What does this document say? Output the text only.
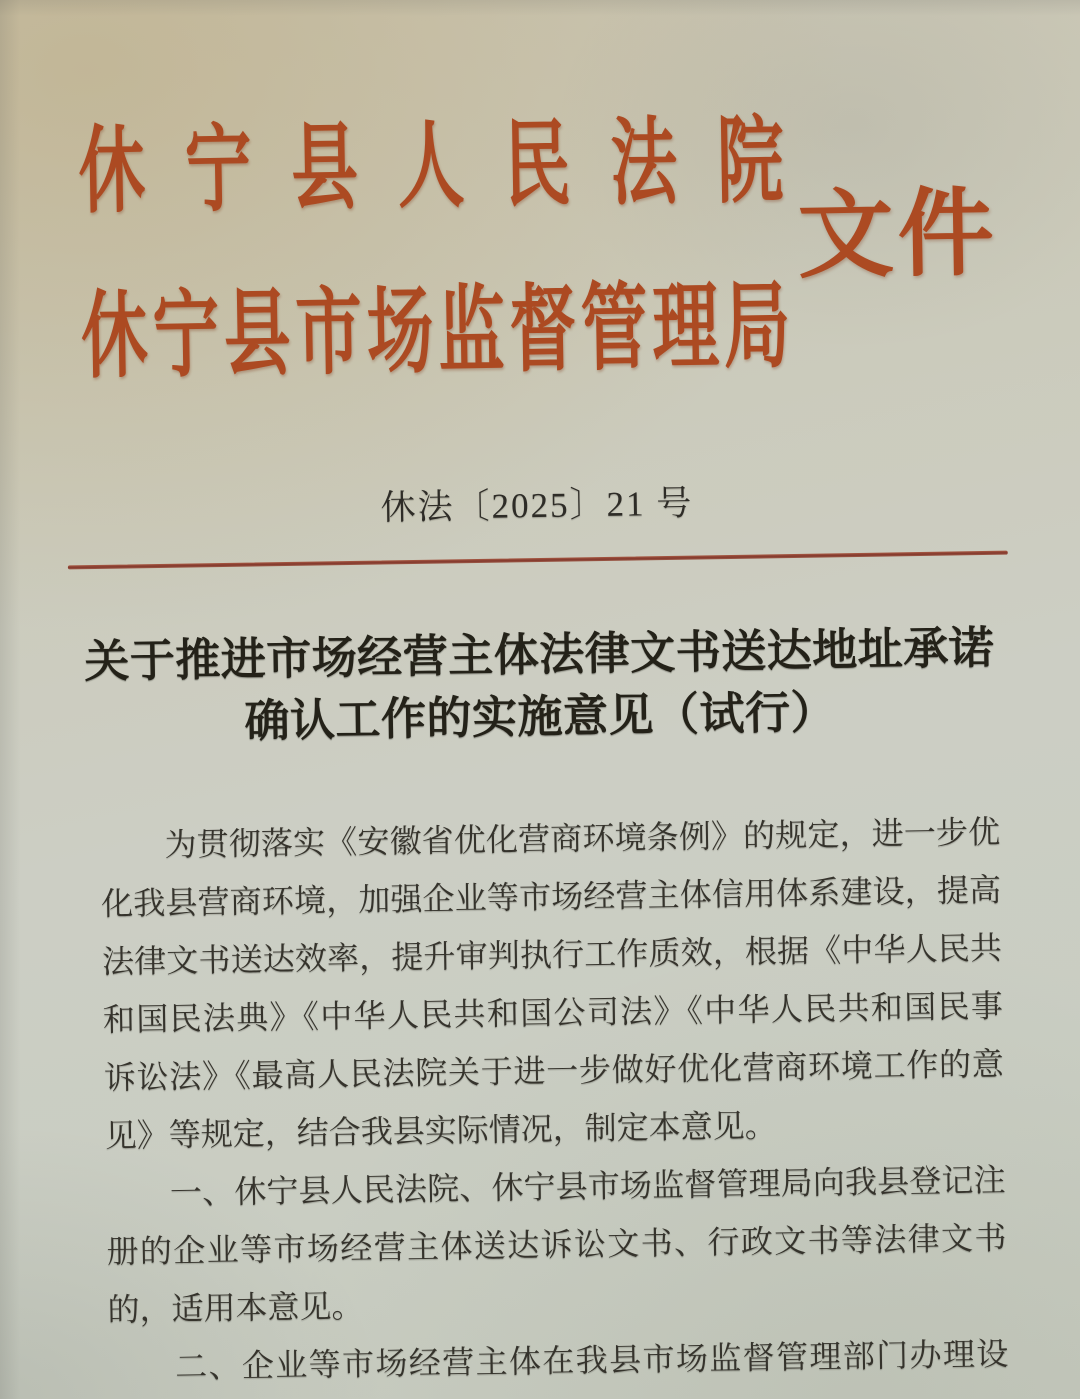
休宁县人民法院
休宁县市场监督管理局
文件
休法〔2025〕21 号
关于推进市场经营主体法律文书送达地址承诺
确认工作的实施意见（试行）
　　为贯彻落实《安徽省优化营商环境条例》的规定，进一步优
化我县营商环境，加强企业等市场经营主体信用体系建设，提高
法律文书送达效率，提升审判执行工作质效，根据《中华人民共
和国民法典》《中华人民共和国公司法》《中华人民共和国民事
诉讼法》《最高人民法院关于进一步做好优化营商环境工作的意
见》等规定，结合我县实际情况，制定本意见。
　　一、休宁县人民法院、休宁县市场监督管理局向我县登记注
册的企业等市场经营主体送达诉讼文书、行政文书等法律文书
的，适用本意见。
　　二、企业等市场经营主体在我县市场监督管理部门办理设
